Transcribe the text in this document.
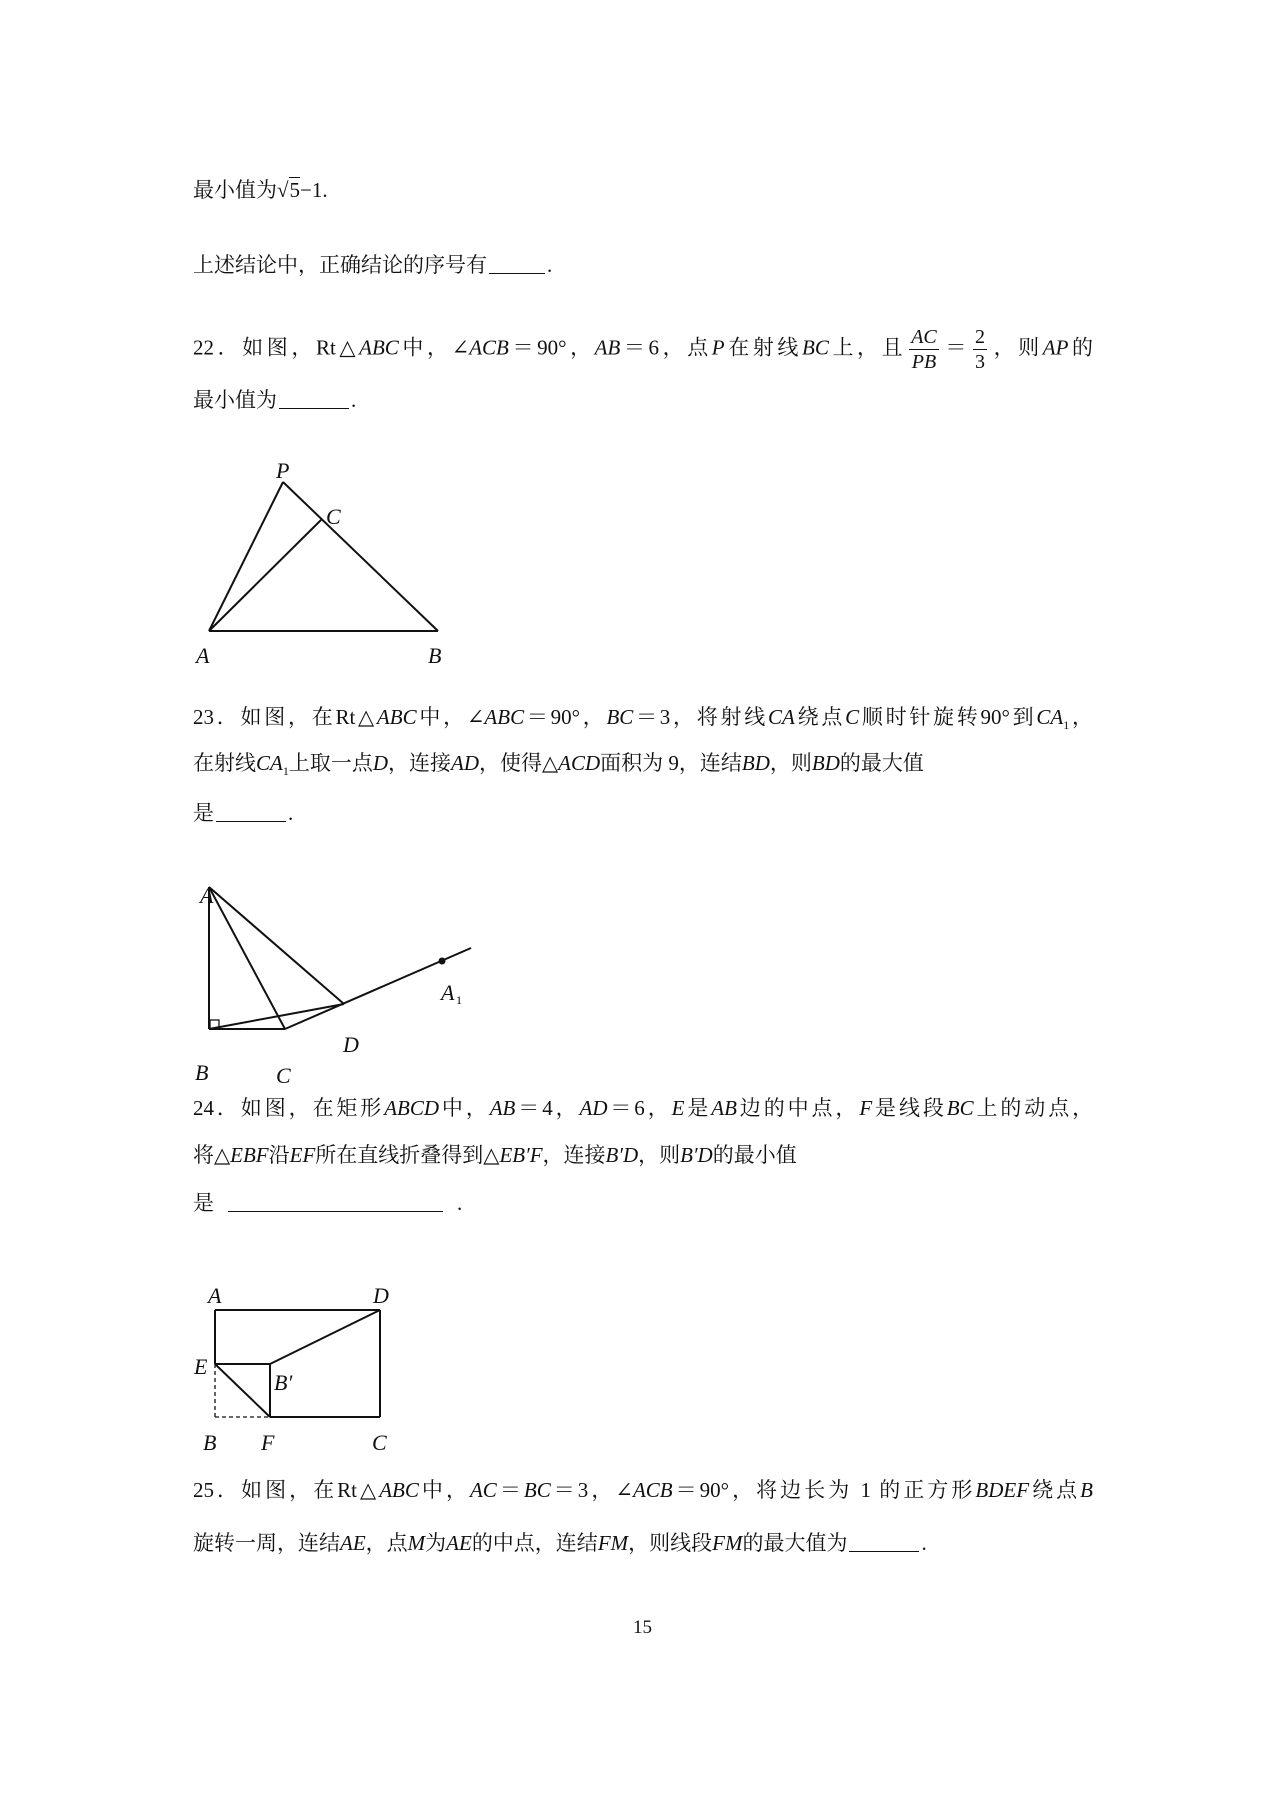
最小值为√5−1.
上述结论中，正确结论的序号有	.
22．如图，Rt△ABC中，∠ACB＝90°，AB＝6，点P在射线BC上，且 $\frac{AC}{PB} = \frac{2}{3}$ ，则AP的
最小值为	.
23．如图，在Rt△ABC中，∠ABC＝90°，BC＝3，将射线CA绕点C顺时针旋转90°到$CA_1$，
在射线$CA_1$上取一点D，连接AD，使得△ACD面积为 9，连结BD，则BD的最大值
是	.
24．如图，在矩形ABCD中，AB＝4，AD＝6，E是AB边的中点，F是线段BC上的动点，
将△EBF沿EF所在直线折叠得到△EB′F，连接B′D，则B′D的最小值
是	.
25．如图，在Rt△ABC中，AC＝BC＝3，∠ACB＝90°，将边长为 1 的正方形BDEF绕点B
旋转一周，连结AE，点M为AE的中点，连结FM，则线段FM的最大值为	.
P
C
A	B
A
B	C
D
A 1
A	D
E
B′
B F	C
15
